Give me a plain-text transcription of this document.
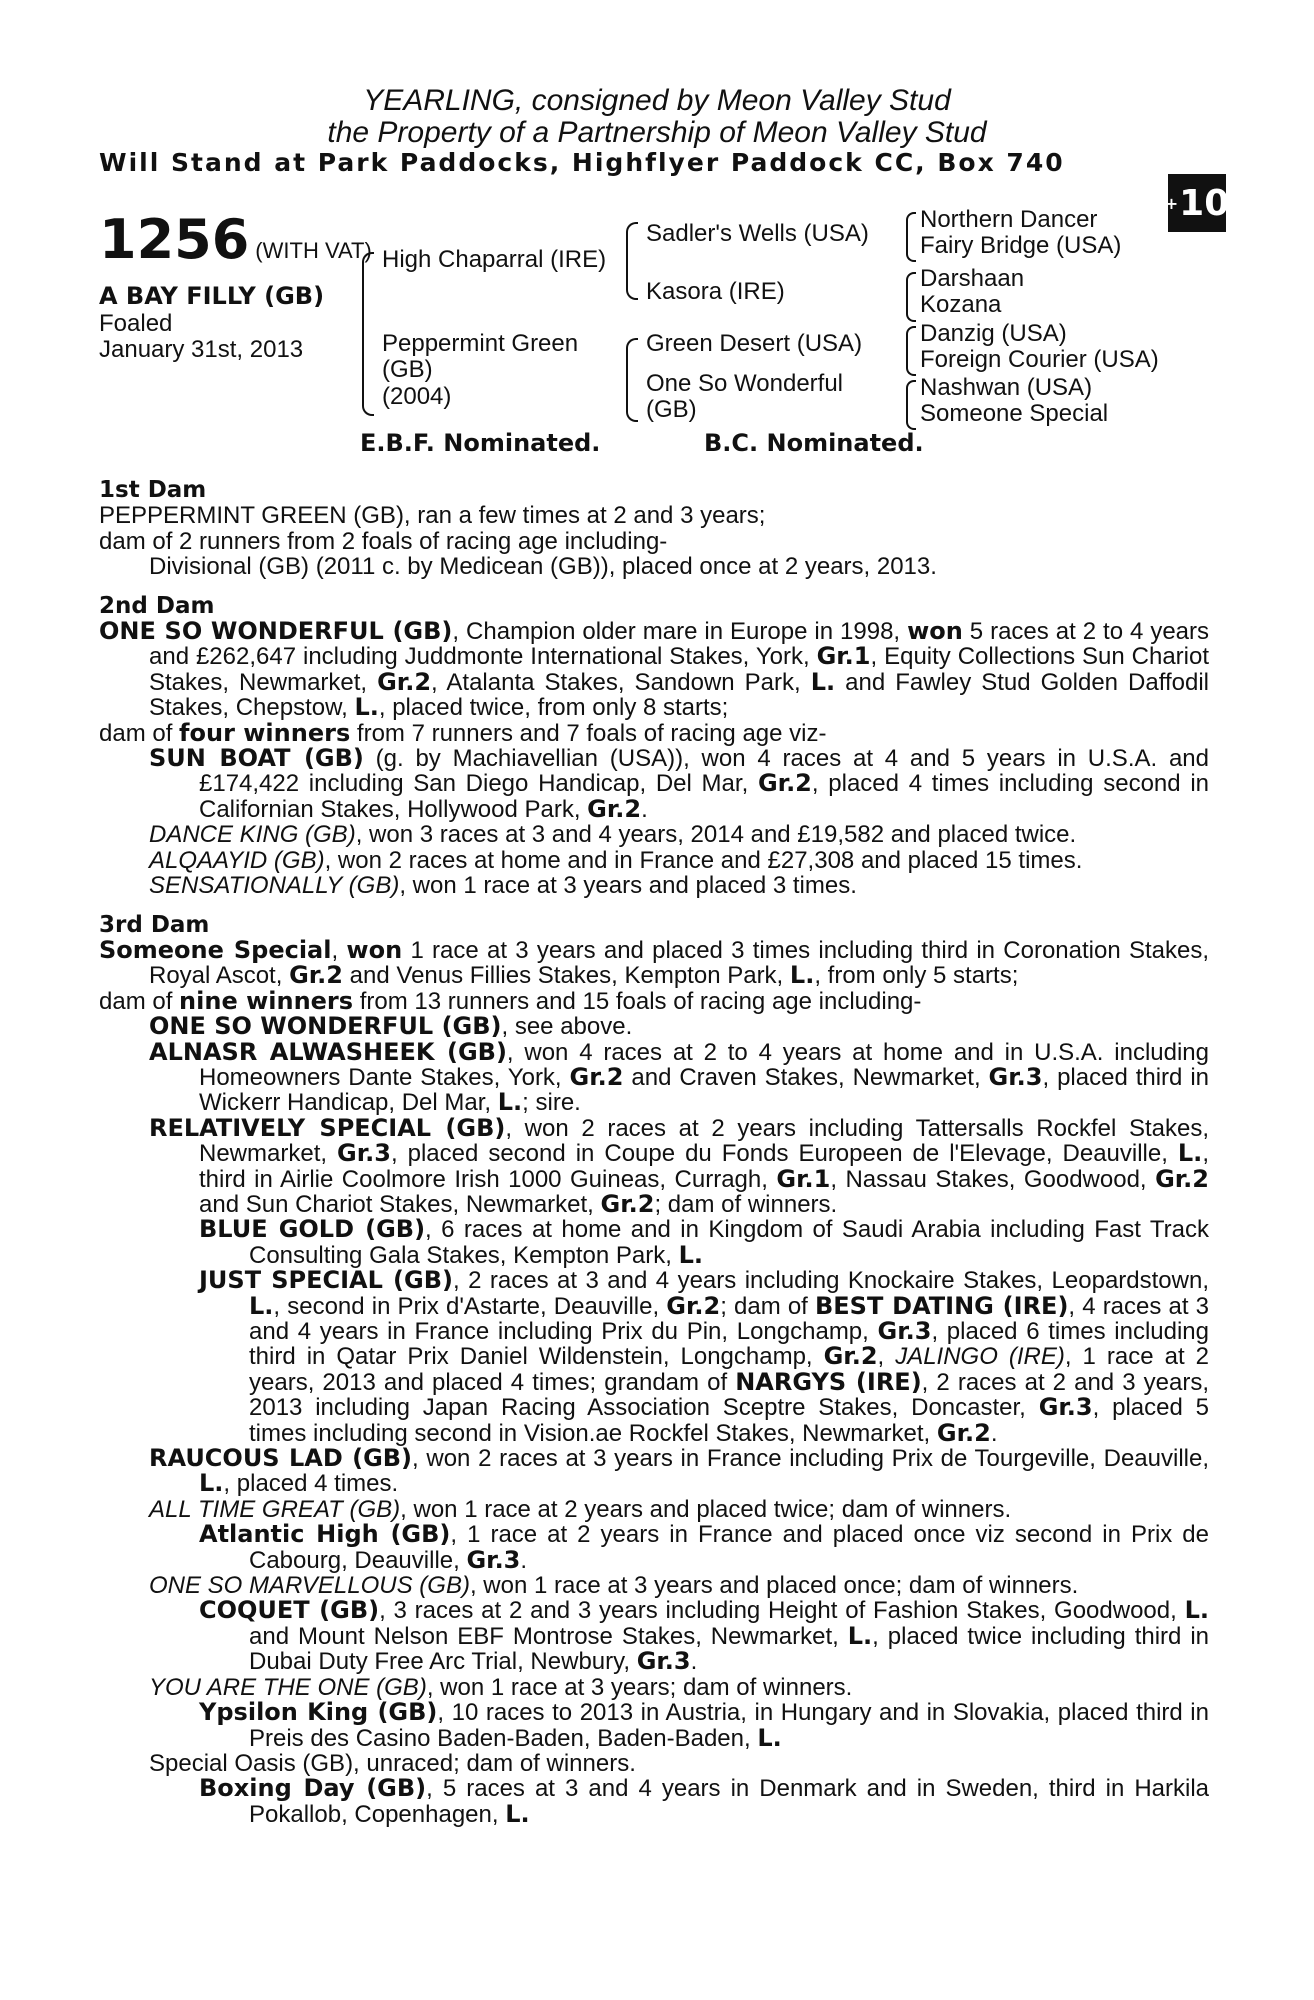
YEARLING, consigned by Meon Valley Stud
the Property of a Partnership of Meon Valley Stud
Will Stand at Park Paddocks, Highflyer Paddock CC, Box 740
+ 10
1256 (WITH VAT)
A BAY FILLY (GB)
Foaled
January 31st, 2013
High Chaparral (IRE)
Peppermint Green
(GB)
(2004)
Sadler's Wells (USA)
Kasora (IRE)
Green Desert (USA)
One So Wonderful
(GB)
Northern Dancer
Fairy Bridge (USA)
Darshaan
Kozana
Danzig (USA)
Foreign Courier (USA)
Nashwan (USA)
Someone Special
E.B.F. Nominated.	B.C. Nominated.
1st Dam

PEPPERMINT GREEN (GB), ran a few times at 2 and 3 years;

dam of 2 runners from 2 foals of racing age including-

Divisional (GB) (2011 c. by Medicean (GB)), placed once at 2 years, 2013.

2nd Dam

ONE SO WONDERFUL (GB), Champion older mare in Europe in 1998, won 5 races at 2 to 4 years and £262,647 including Juddmonte International Stakes, York, Gr.1, Equity Collections Sun Chariot Stakes, Newmarket, Gr.2, Atalanta Stakes, Sandown Park, L. and Fawley Stud Golden Daffodil Stakes, Chepstow, L., placed twice, from only 8 starts;

dam of four winners from 7 runners and 7 foals of racing age viz-

SUN BOAT (GB) (g. by Machiavellian (USA)), won 4 races at 4 and 5 years in U.S.A. and £174,422 including San Diego Handicap, Del Mar, Gr.2, placed 4 times including second in Californian Stakes, Hollywood Park, Gr.2.

DANCE KING (GB), won 3 races at 3 and 4 years, 2014 and £19,582 and placed twice.

ALQAAYID (GB), won 2 races at home and in France and £27,308 and placed 15 times.

SENSATIONALLY (GB), won 1 race at 3 years and placed 3 times.

3rd Dam

Someone Special, won 1 race at 3 years and placed 3 times including third in Coronation Stakes, Royal Ascot, Gr.2 and Venus Fillies Stakes, Kempton Park, L., from only 5 starts;

dam of nine winners from 13 runners and 15 foals of racing age including-

ONE SO WONDERFUL (GB), see above.

ALNASR ALWASHEEK (GB), won 4 races at 2 to 4 years at home and in U.S.A. including Homeowners Dante Stakes, York, Gr.2 and Craven Stakes, Newmarket, Gr.3, placed third in Wickerr Handicap, Del Mar, L.; sire.

RELATIVELY SPECIAL (GB), won 2 races at 2 years including Tattersalls Rockfel Stakes, Newmarket, Gr.3, placed second in Coupe du Fonds Europeen de l'Elevage, Deauville, L., third in Airlie Coolmore Irish 1000 Guineas, Curragh, Gr.1, Nassau Stakes, Goodwood, Gr.2 and Sun Chariot Stakes, Newmarket, Gr.2; dam of winners.

BLUE GOLD (GB), 6 races at home and in Kingdom of Saudi Arabia including Fast Track Consulting Gala Stakes, Kempton Park, L.

JUST SPECIAL (GB), 2 races at 3 and 4 years including Knockaire Stakes, Leopardstown, L., second in Prix d'Astarte, Deauville, Gr.2; dam of BEST DATING (IRE), 4 races at 3 and 4 years in France including Prix du Pin, Longchamp, Gr.3, placed 6 times including third in Qatar Prix Daniel Wildenstein, Longchamp, Gr.2, JALINGO (IRE), 1 race at 2 years, 2013 and placed 4 times; grandam of NARGYS (IRE), 2 races at 2 and 3 years, 2013 including Japan Racing Association Sceptre Stakes, Doncaster, Gr.3, placed 5 times including second in Vision.ae Rockfel Stakes, Newmarket, Gr.2.

RAUCOUS LAD (GB), won 2 races at 3 years in France including Prix de Tourgeville, Deauville, L., placed 4 times.

ALL TIME GREAT (GB), won 1 race at 2 years and placed twice; dam of winners.

Atlantic High (GB), 1 race at 2 years in France and placed once viz second in Prix de Cabourg, Deauville, Gr.3.

ONE SO MARVELLOUS (GB), won 1 race at 3 years and placed once; dam of winners.

COQUET (GB), 3 races at 2 and 3 years including Height of Fashion Stakes, Goodwood, L. and Mount Nelson EBF Montrose Stakes, Newmarket, L., placed twice including third in Dubai Duty Free Arc Trial, Newbury, Gr.3.

YOU ARE THE ONE (GB), won 1 race at 3 years; dam of winners.

Ypsilon King (GB), 10 races to 2013 in Austria, in Hungary and in Slovakia, placed third in Preis des Casino Baden-Baden, Baden-Baden, L.

Special Oasis (GB), unraced; dam of winners.

Boxing Day (GB), 5 races at 3 and 4 years in Denmark and in Sweden, third in Harkila Pokallob, Copenhagen, L.
